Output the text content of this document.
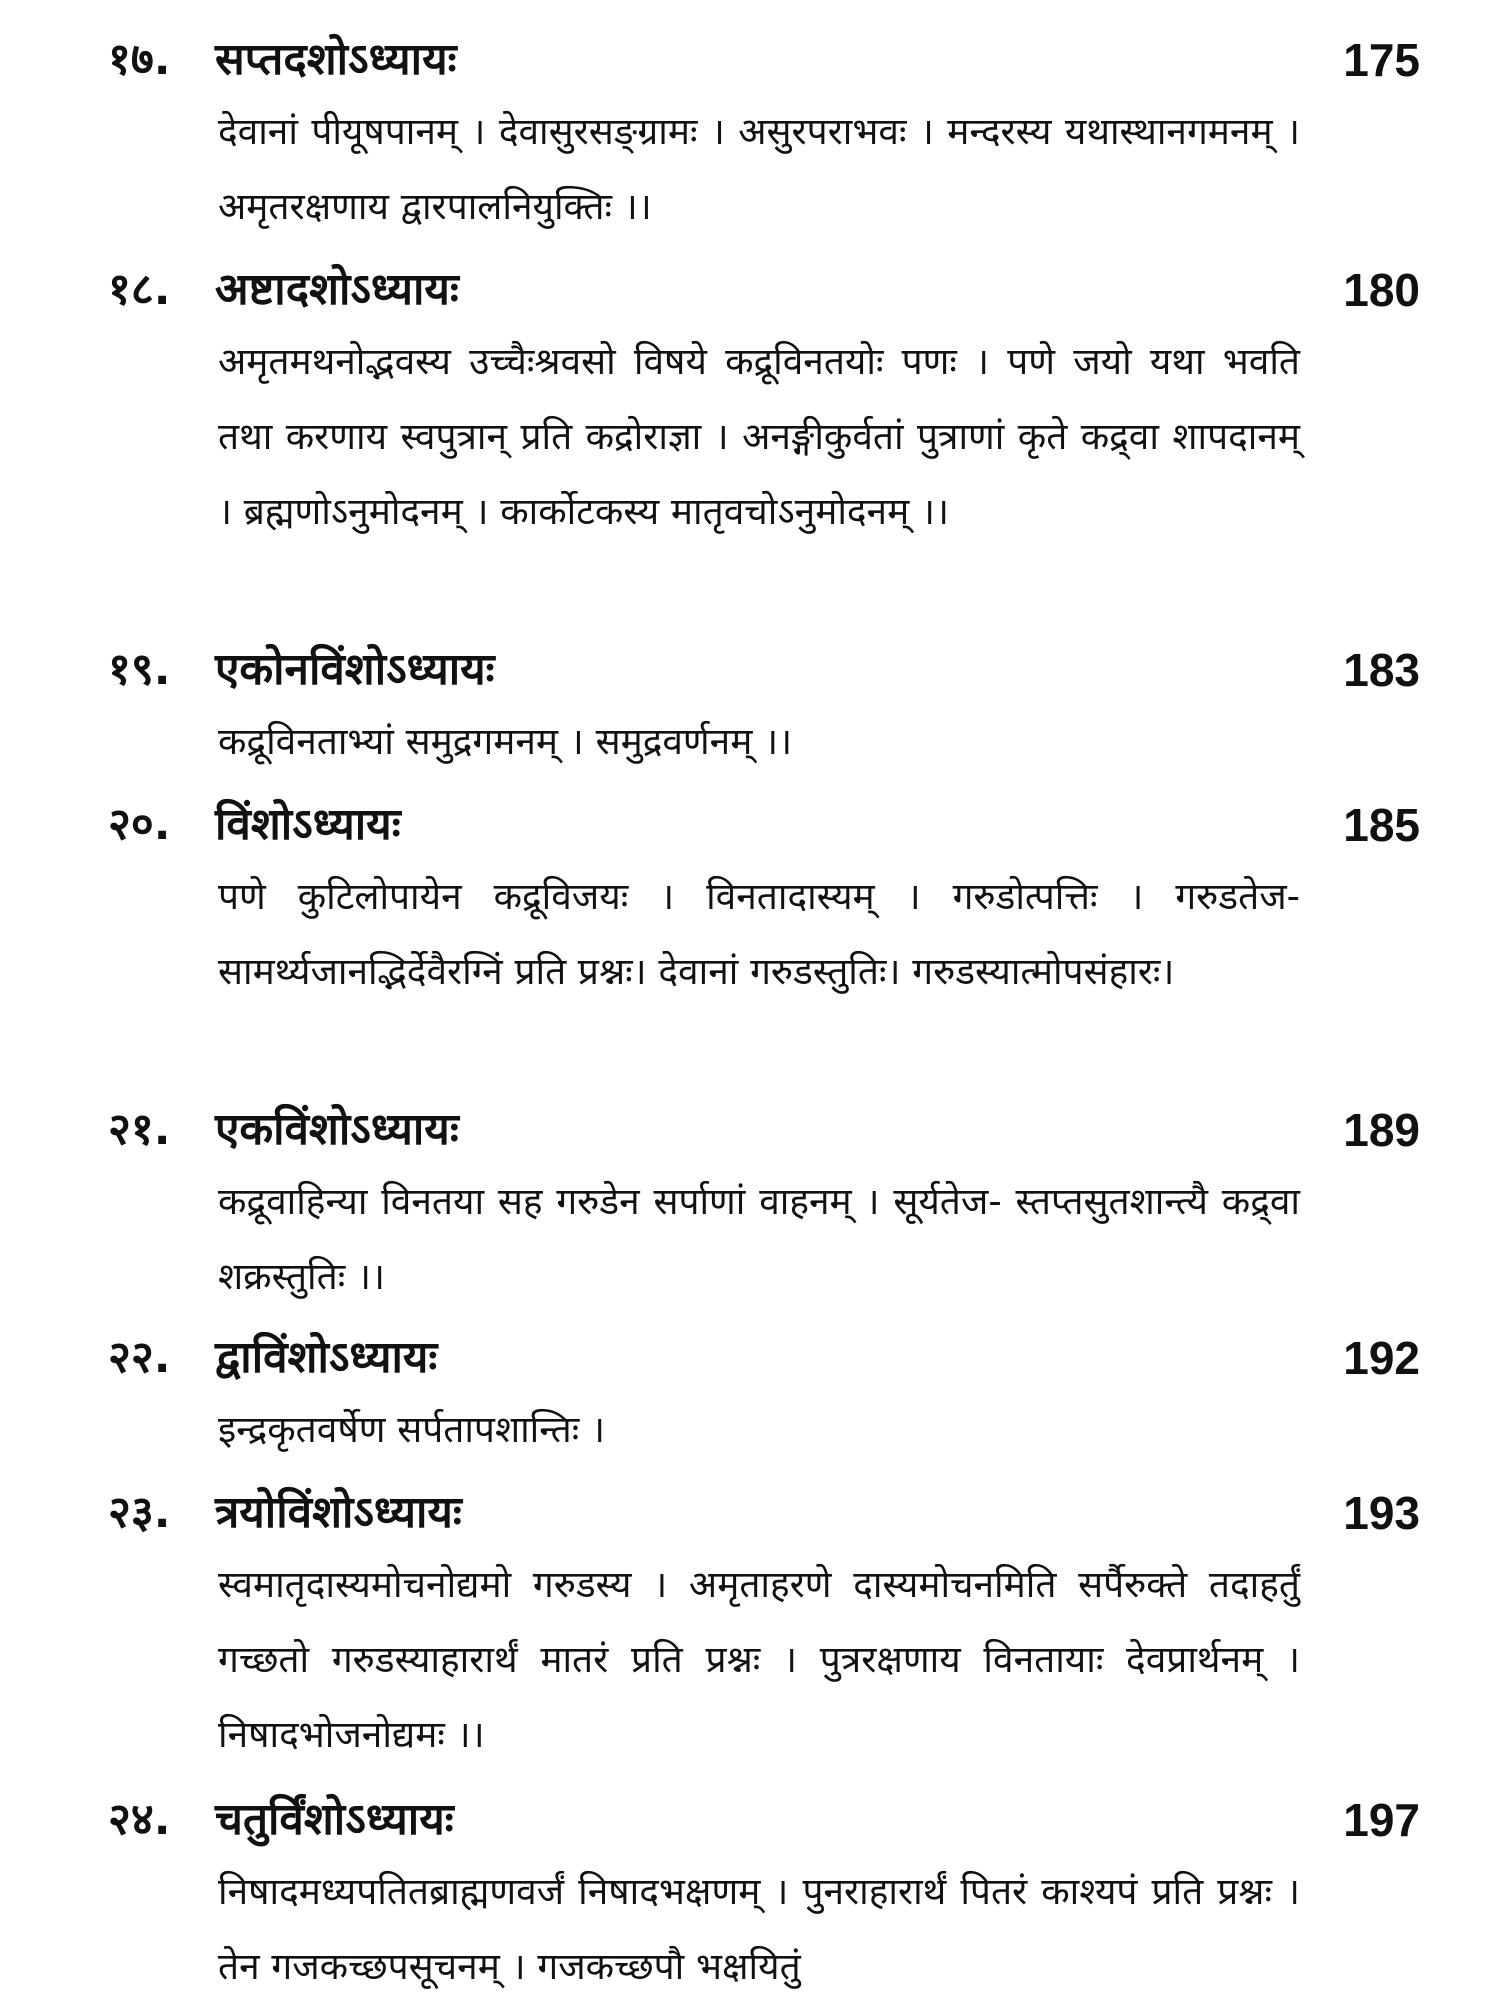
१७. सप्तदशोऽध्यायः	175
देवानां पीयूषपानम् । देवासुरसङ्ग्रामः । असुरपराभवः । मन्दरस्य यथास्थानगमनम् । अमृतरक्षणाय द्वारपालनियुक्तिः ।।
१८. अष्टादशोऽध्यायः	180
अमृतमथनोद्भवस्य उच्चैःश्रवसो विषये कद्रूविनतयोः पणः । पणे जयो यथा भवति तथा करणाय स्वपुत्रान् प्रति कद्रोराज्ञा । अनङ्गीकुर्वतां पुत्राणां कृते कद्र्वा शापदानम् । ब्रह्मणोऽनुमोदनम् । कार्कोटकस्य मातृवचोऽनुमोदनम् ।।
१९. एकोनविंशोऽध्यायः	183
कद्रूविनताभ्यां समुद्रगमनम् । समुद्रवर्णनम् ।।
२०. विंशोऽध्यायः	185
पणे कुटिलोपायेन कद्रूविजयः । विनतादास्यम् । गरुडोत्पत्तिः । गरुडतेज- सामर्थ्यजानद्भिर्देवैरग्निं प्रति प्रश्नः। देवानां गरुडस्तुतिः। गरुडस्यात्मोपसंहारः।
२१. एकविंशोऽध्यायः	189
कद्रूवाहिन्या विनतया सह गरुडेन सर्पाणां वाहनम् । सूर्यतेज- स्तप्तसुतशान्त्यै कद्र्वा शक्रस्तुतिः ।।
२२. द्वाविंशोऽध्यायः	192
इन्द्रकृतवर्षेण सर्पतापशान्तिः ।
२३. त्रयोविंशोऽध्यायः	193
स्वमातृदास्यमोचनोद्यमो गरुडस्य । अमृताहरणे दास्यमोचनमिति सर्पैरुक्ते तदाहर्तुं गच्छतो गरुडस्याहारार्थं मातरं प्रति प्रश्नः । पुत्ररक्षणाय विनतायाः देवप्रार्थनम् । निषादभोजनोद्यमः ।।
२४. चतुर्विंशोऽध्यायः	197
निषादमध्यपतितब्राह्मणवर्जं निषादभक्षणम् । पुनराहारार्थं पितरं काश्यपं प्रति प्रश्नः । तेन गजकच्छपसूचनम् । गजकच्छपौ भक्षयितुं
